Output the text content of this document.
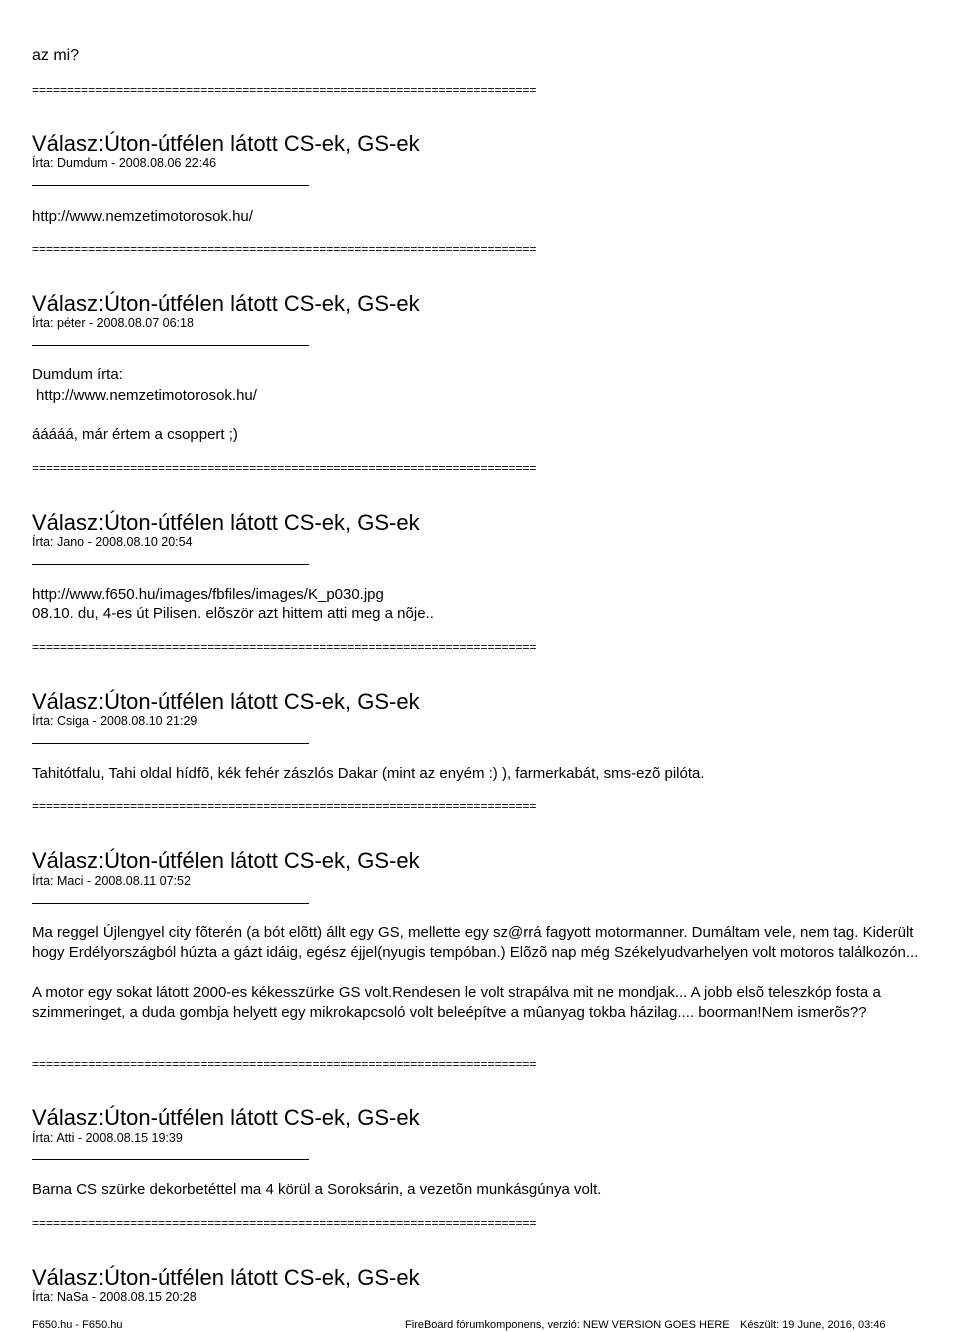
az mi?
========================================================================
Válasz:Úton-útfélen látott CS-ek, GS-ek
Írta: Dumdum - 2008.08.06 22:46
http://www.nemzetimotorosok.hu/
========================================================================
Válasz:Úton-útfélen látott CS-ek, GS-ek
Írta: péter - 2008.08.07 06:18
Dumdum írta:
http://www.nemzetimotorosok.hu/
ááááá, már értem a csoppert ;)
========================================================================
Válasz:Úton-útfélen látott CS-ek, GS-ek
Írta: Jano - 2008.08.10 20:54
http://www.f650.hu/images/fbfiles/images/K_p030.jpg
08.10. du, 4-es út Pilisen. elõször azt hittem atti meg a nõje..
========================================================================
Válasz:Úton-útfélen látott CS-ek, GS-ek
Írta: Csiga - 2008.08.10 21:29
Tahitótfalu, Tahi oldal hídfõ, kék fehér zászlós Dakar (mint az enyém :) ), farmerkabát, sms-ezõ pilóta.
========================================================================
Válasz:Úton-útfélen látott CS-ek, GS-ek
Írta: Maci - 2008.08.11 07:52
Ma reggel Újlengyel city fõterén (a bót elõtt) állt egy GS, mellette egy sz@rrá fagyott motormanner. Dumáltam vele, nem tag. Kiderült hogy Erdélyországból húzta a gázt idáig, egész éjjel(nyugis tempóban.) Elõzõ nap még Székelyudvarhelyen volt motoros találkozón...
A motor egy sokat látott 2000-es kékesszürke GS volt.Rendesen le volt strapálva mit ne mondjak... A jobb elsõ teleszkóp fosta a szimmeringet, a duda gombja helyett egy mikrokapcsoló volt beleépítve a mûanyag tokba házilag.... boorman!Nem ismerõs??
========================================================================
Válasz:Úton-útfélen látott CS-ek, GS-ek
Írta: Atti - 2008.08.15 19:39
Barna CS szürke dekorbetéttel ma 4 körül a Soroksárin, a vezetõn munkásgúnya volt.
========================================================================
Válasz:Úton-útfélen látott CS-ek, GS-ek
Írta: NaSa - 2008.08.15 20:28
F650.hu - F650.hu	FireBoard fórumkomponens, verzió: NEW VERSION GOES HERE Készült: 19 June, 2016, 03:46
